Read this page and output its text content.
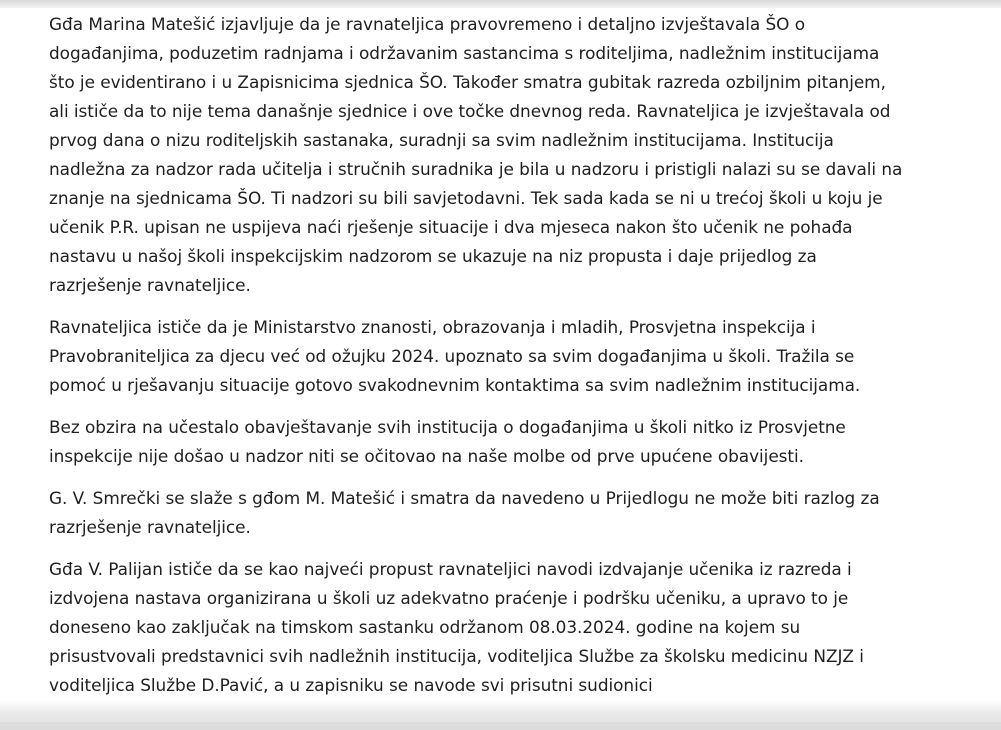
Gđa Marina Matešić izjavljuje da je ravnateljica pravovremeno i detaljno izvještavala ŠO o
događanjima, poduzetim radnjama i održavanim sastancima s roditeljima, nadležnim institucijama
što je evidentirano i u Zapisnicima sjednica ŠO. Također smatra gubitak razreda ozbiljnim pitanjem,
ali ističe da to nije tema današnje sjednice i ove točke dnevnog reda. Ravnateljica je izvještavala od
prvog dana o nizu roditeljskih sastanaka, suradnji sa svim nadležnim institucijama. Institucija
nadležna za nadzor rada učitelja i stručnih suradnika je bila u nadzoru i pristigli nalazi su se davali na
znanje na sjednicama ŠO. Ti nadzori su bili savjetodavni. Tek sada kada se ni u trećoj školi u koju je
učenik P.R. upisan ne uspijeva naći rješenje situacije i dva mjeseca nakon što učenik ne pohađa
nastavu u našoj školi inspekcijskim nadzorom se ukazuje na niz propusta i daje prijedlog za
razrješenje ravnateljice.
Ravnateljica ističe da je Ministarstvo znanosti, obrazovanja i mladih, Prosvjetna inspekcija i
Pravobraniteljica za djecu već od ožujku 2024. upoznato sa svim događanjima u školi. Tražila se
pomoć u rješavanju situacije gotovo svakodnevnim kontaktima sa svim nadležnim institucijama.
Bez obzira na učestalo obavještavanje svih institucija o događanjima u školi nitko iz Prosvjetne
inspekcije nije došao u nadzor niti se očitovao na naše molbe od prve upućene obavijesti.
G. V. Smrečki se slaže s gđom M. Matešić i smatra da navedeno u Prijedlogu ne može biti razlog za
razrješenje ravnateljice.
Gđa V. Palijan ističe da se kao najveći propust ravnateljici navodi izdvajanje učenika iz razreda i
izdvojena nastava organizirana u školi uz adekvatno praćenje i podršku učeniku, a upravo to je
doneseno kao zaključak na timskom sastanku održanom 08.03.2024. godine na kojem su
prisustvovali predstavnici svih nadležnih institucija, voditeljica Službe za školsku medicinu NZJZ i
voditeljica Službe D.Pavić, a u zapisniku se navode svi prisutni sudionici
